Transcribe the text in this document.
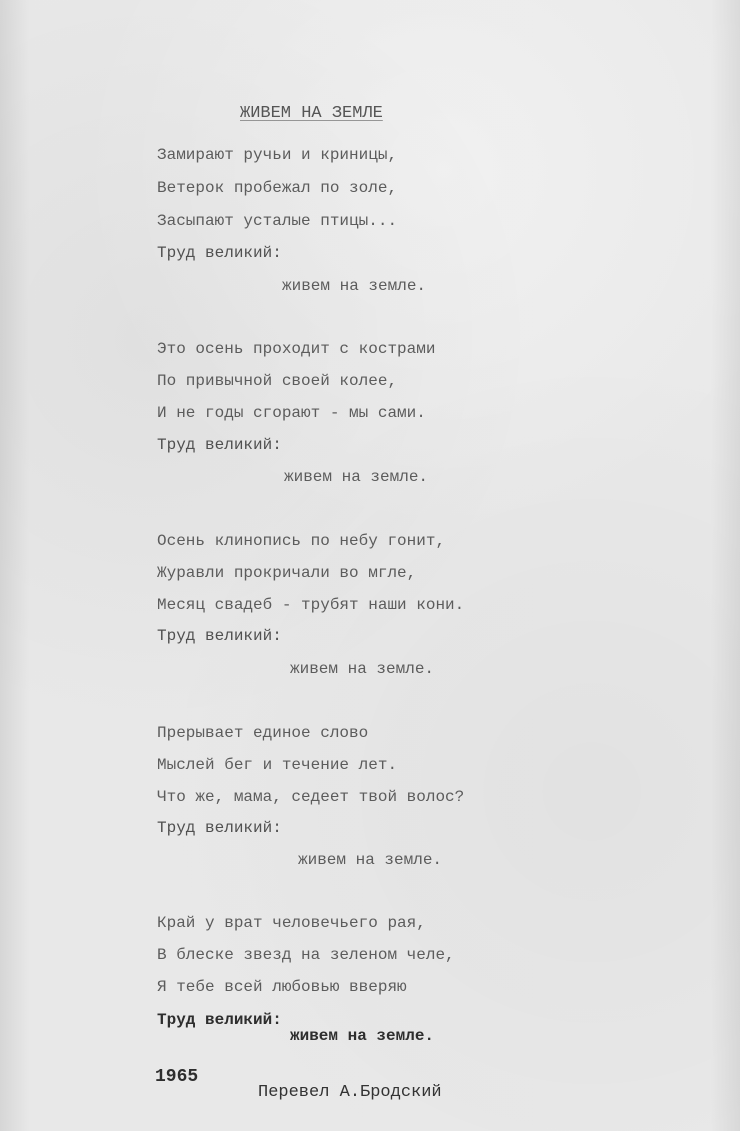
ЖИВЕМ НА ЗЕМЛЕ
Замирают ручьи и криницы,
Ветерок пробежал по золе,
Засыпают усталые птицы...
Труд великий:
живем на земле.
Это осень проходит с кострами
По привычной своей колее,
И не годы сгорают - мы сами.
Труд великий:
живем на земле.
Осень клинопись по небу гонит,
Журавли прокричали во мгле,
Месяц свадеб - трубят наши кони.
Труд великий:
живем на земле.
Прерывает единое слово
Мыслей бег и течение лет.
Что же, мама, седеет твой волос?
Труд великий:
живем на земле.
Край у врат человечьего рая,
В блеске звезд на зеленом челе,
Я тебе всей любовью вверяю
Труд великий:
живем на земле.
1965
Перевел А.Бродский
